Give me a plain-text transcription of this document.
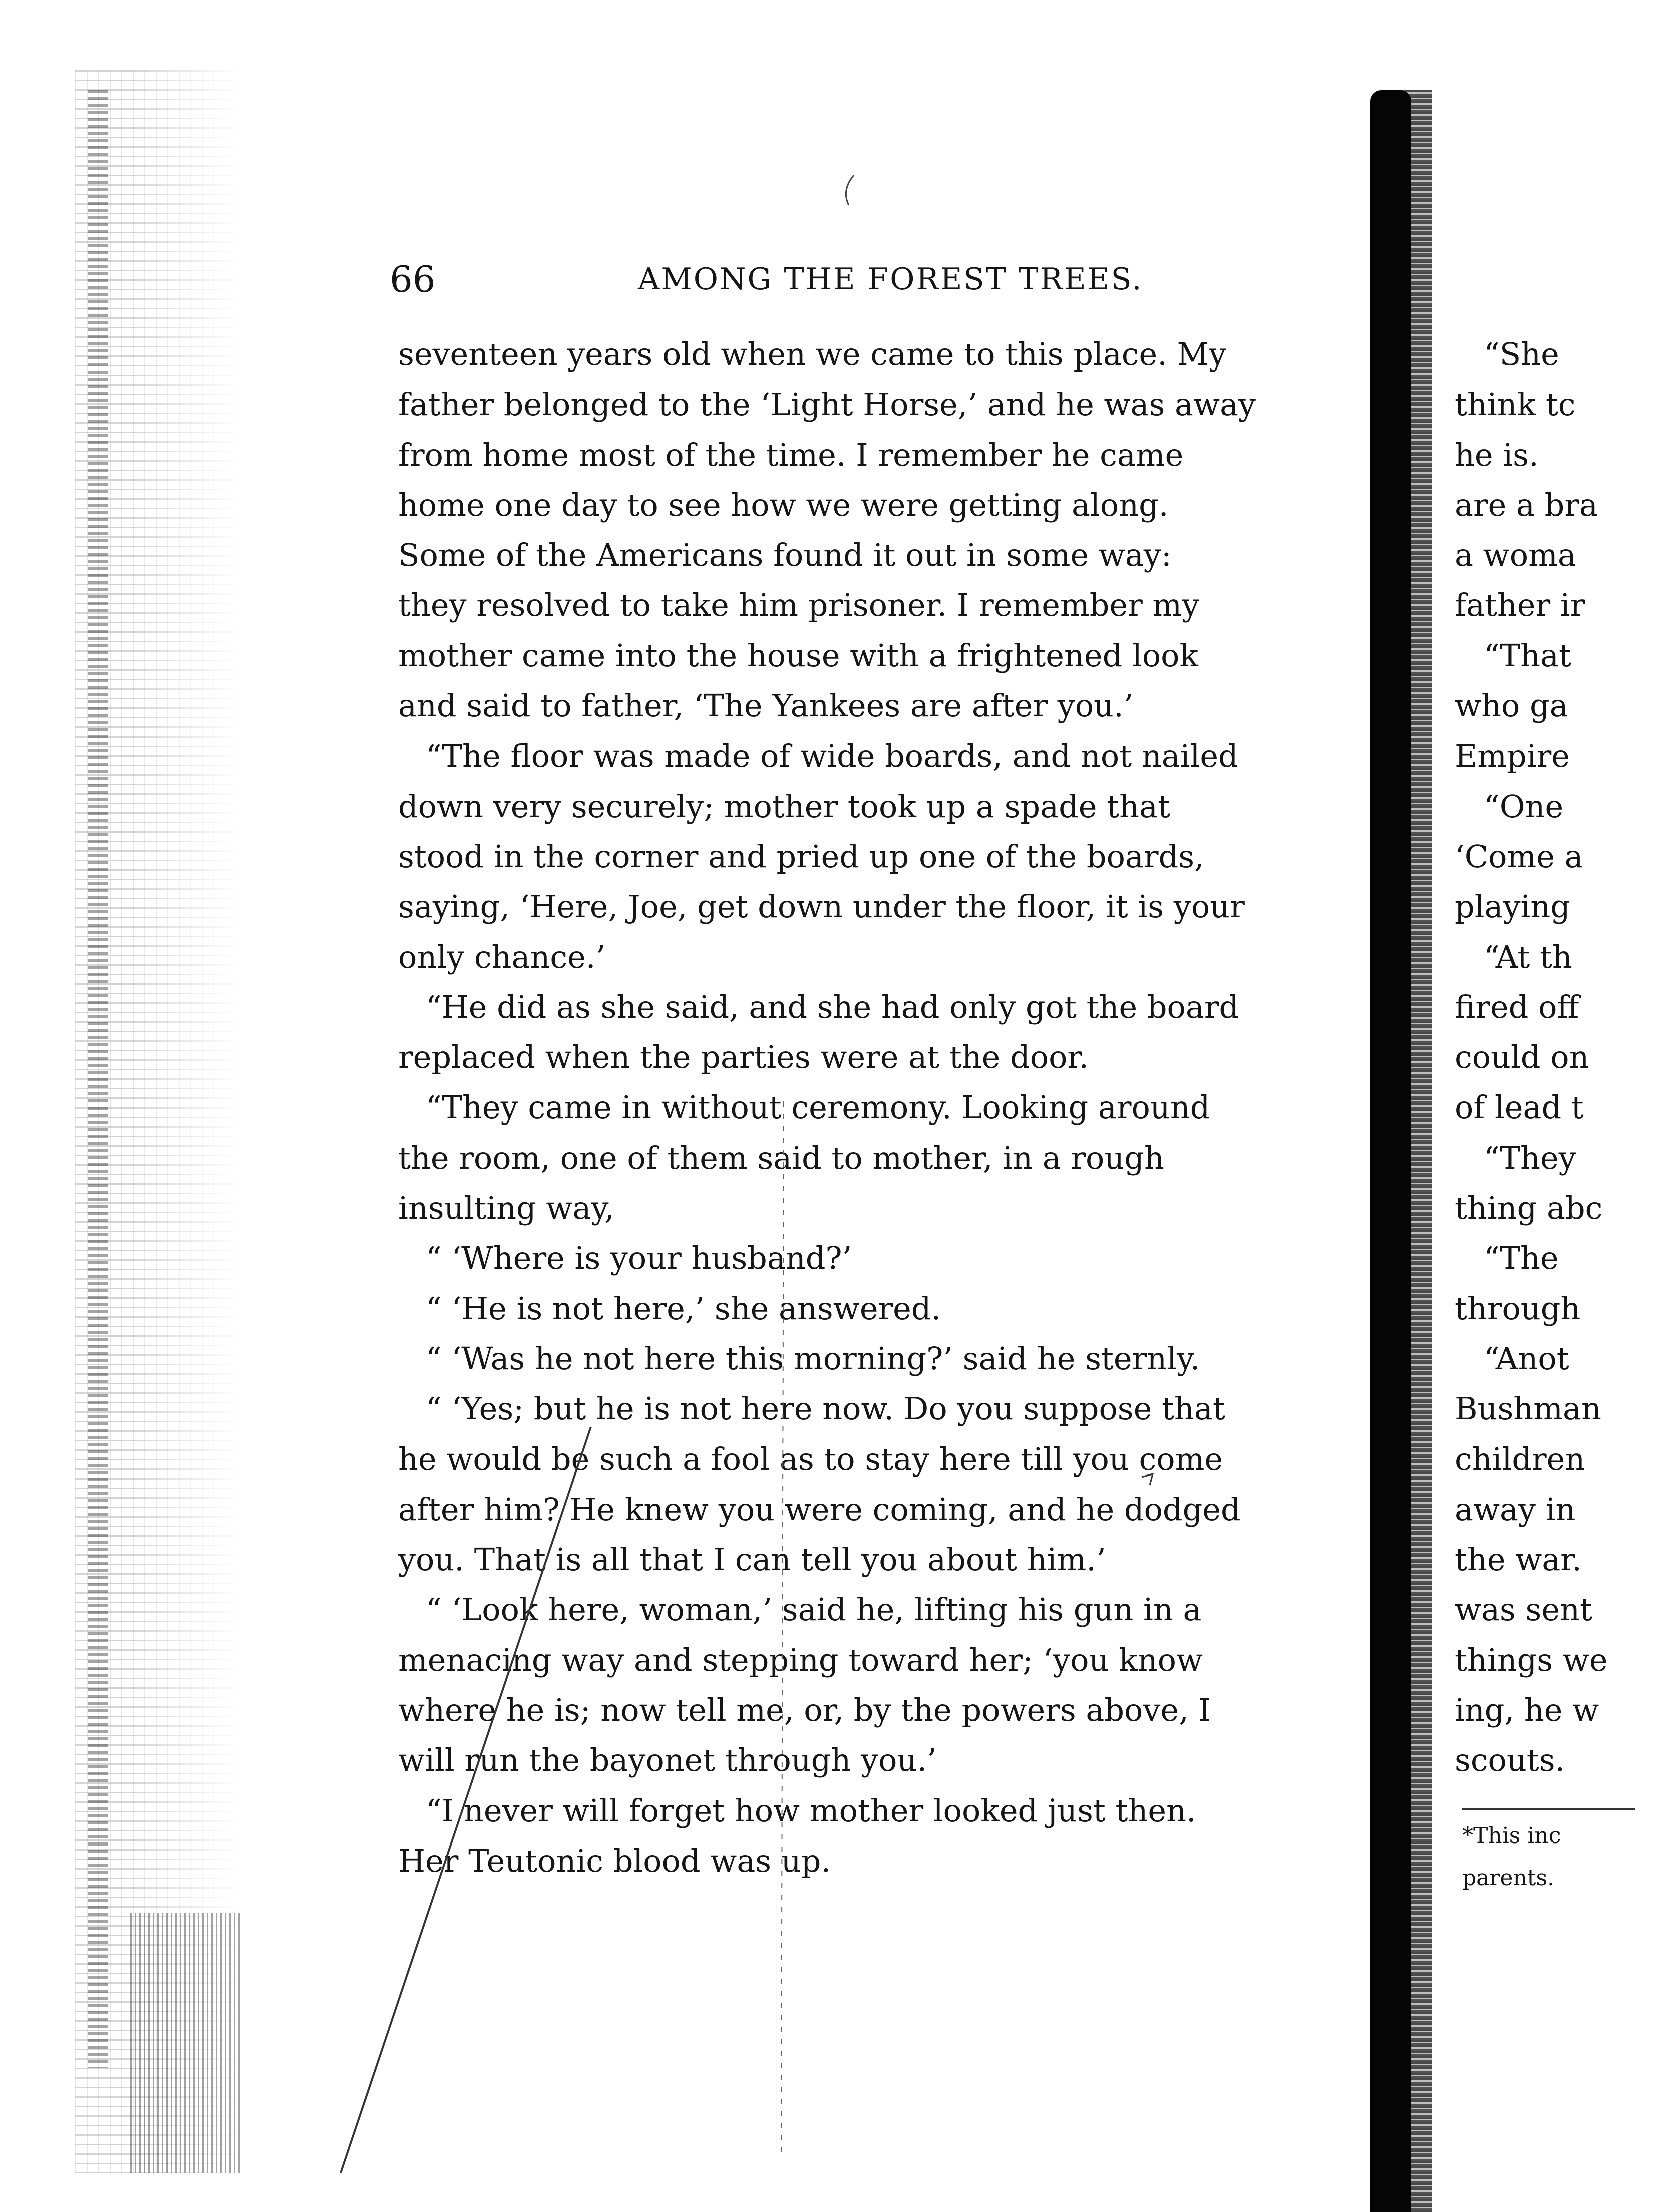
66	AMONG THE FOREST TREES.
seventeen years old when we came to this place. My
father belonged to the ‘Light Horse,’ and he was away
from home most of the time. I remember he came
home one day to see how we were getting along.
Some of the Americans found it out in some way:
they resolved to take him prisoner. I remember my
mother came into the house with a frightened look
and said to father, ‘The Yankees are after you.’
“The floor was made of wide boards, and not nailed
down very securely; mother took up a spade that
stood in the corner and pried up one of the boards,
saying, ‘Here, Joe, get down under the floor, it is your
only chance.’
“He did as she said, and she had only got the board
replaced when the parties were at the door.
“They came in without ceremony. Looking around
the room, one of them said to mother, in a rough
insulting way,
“ ‘Where is your husband?’
“ ‘He is not here,’ she answered.
“ ‘Was he not here this morning?’ said he sternly.
“ ‘Yes; but he is not here now. Do you suppose that
he would be such a fool as to stay here till you come
after him? He knew you were coming, and he dodged
you. That is all that I can tell you about him.’
“ ‘Look here, woman,’ said he, lifting his gun in a
menacing way and stepping toward her; ‘you know
where he is; now tell me, or, by the powers above, I
will run the bayonet through you.’
“I never will forget how mother looked just then.
Her Teutonic blood was up.
“She
think tc
he is.
are a bra
a woma
father ir
“That
who ga
Empire
“One
‘Come a
playing
“At th
fired off
could on
of lead t
“They
thing abc
“The
through
“Anot
Bushman
children
away in
the war.
was sent
things we
ing, he w
scouts.
*This inc
parents.
